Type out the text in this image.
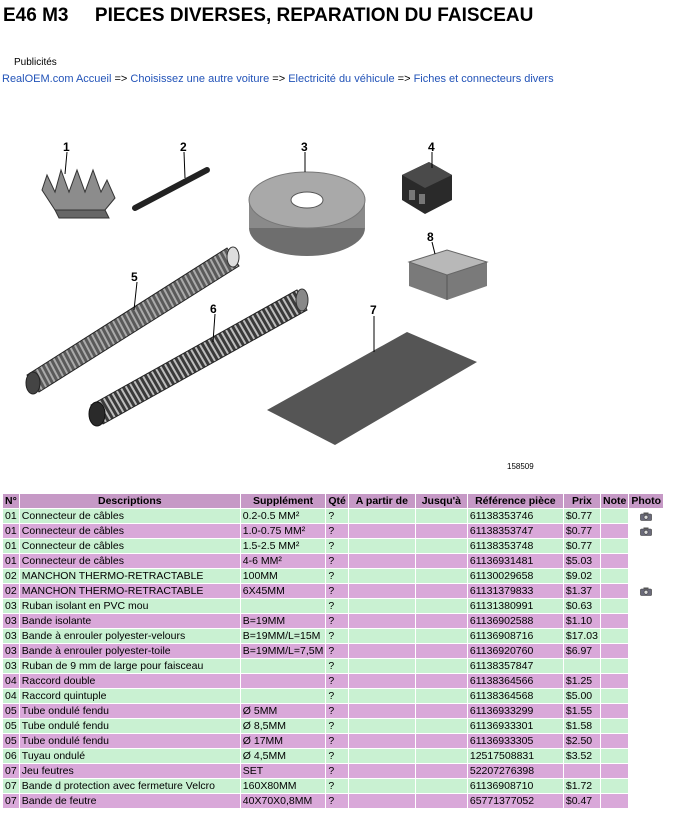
E46 M3 PIECES DIVERSES, REPARATION DU FAISCEAU
Publicités
RealOEM.com Accueil => Choisissez une autre voiture => Electricité du véhicule => Fiches et connecteurs divers
1	2	3	4
5
6	7
8
158509
N°	Descriptions	Supplément	Qté	A partir de	Jusqu'à	Référence pièce	Prix	Note	Photo
01	Connecteur de câbles	0.2-0.5 MM²	?			61138353746	$0.77		
01	Connecteur de câbles	1.0-0.75 MM²	?			61138353747	$0.77		
01	Connecteur de câbles	1.5-2.5 MM²	?			61138353748	$0.77		
01	Connecteur de câbles	4-6 MM²	?			61136931481	$5.03		
02	MANCHON THERMO-RETRACTABLE	100MM	?			61130029658	$9.02		
02	MANCHON THERMO-RETRACTABLE	6X45MM	?			61131379833	$1.37		
03	Ruban isolant en PVC mou		?			61131380991	$0.63		
03	Bande isolante	B=19MM	?			61136902588	$1.10		
03	Bande à enrouler polyester-velours	B=19MM/L=15M	?			61136908716	$17.03		
03	Bande à enrouler polyester-toile	B=19MM/L=7,5M	?			61136920760	$6.97		
03	Ruban de 9 mm de large pour faisceau		?			61138357847			
04	Raccord double		?			61138364566	$1.25		
04	Raccord quintuple		?			61138364568	$5.00		
05	Tube ondulé fendu	Ø 5MM	?			61136933299	$1.55		
05	Tube ondulé fendu	Ø 8,5MM	?			61136933301	$1.58		
05	Tube ondulé fendu	Ø 17MM	?			61136933305	$2.50		
06	Tuyau ondulé	Ø 4,5MM	?			12517508831	$3.52		
07	Jeu feutres	SET	?			52207276398			
07	Bande d protection avec fermeture Velcro	160X80MM	?			61136908710	$1.72		
07	Bande de feutre	40X70X0,8MM	?			65771377052	$0.47		
